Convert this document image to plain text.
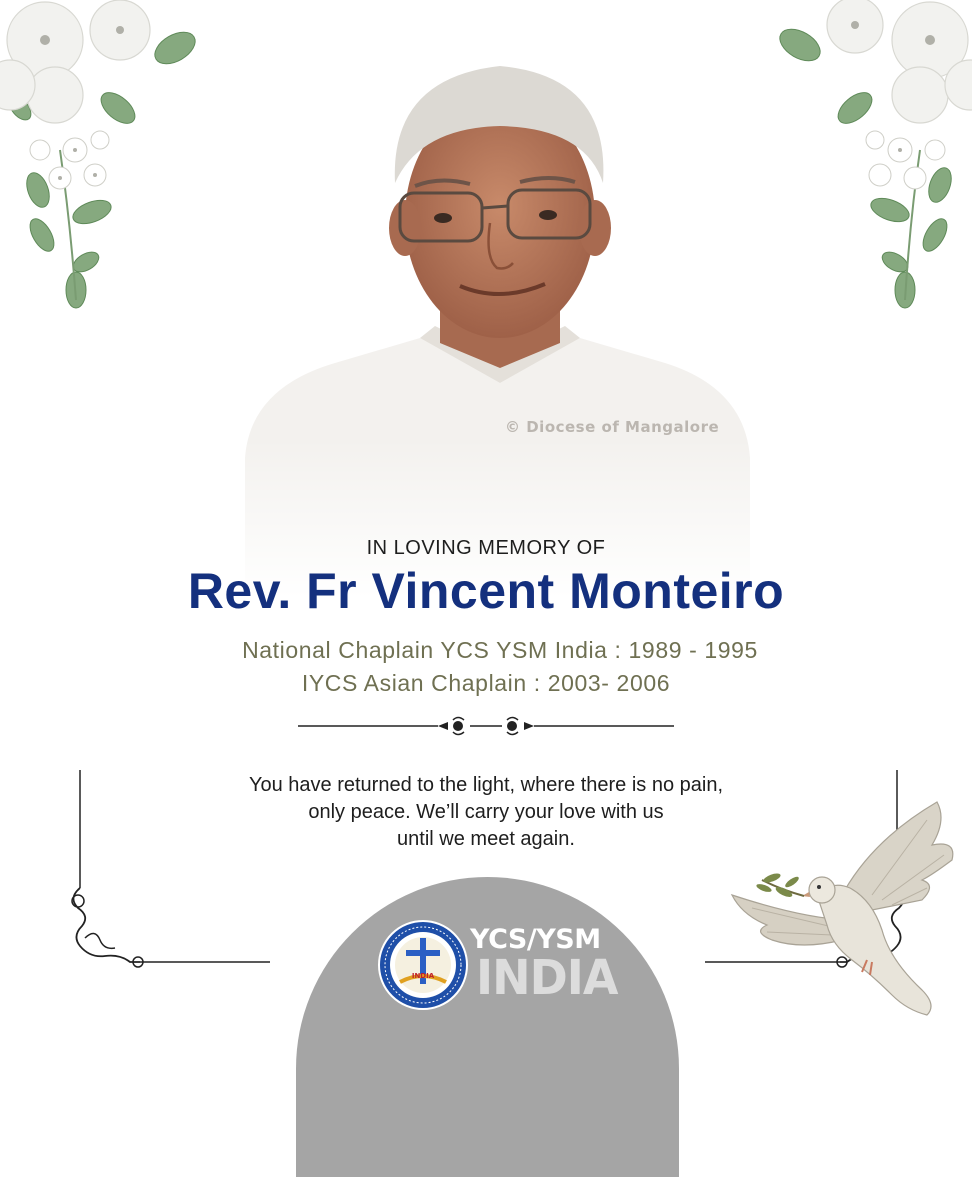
© Diocese of Mangalore
IN LOVING MEMORY OF
Rev. Fr Vincent Monteiro
National Chaplain YCS YSM India : 1989 - 1995
IYCS Asian Chaplain : 2003- 2006
You have returned to the light, where there is no pain,
only peace. We’ll carry your love with us
until we meet again.
INDIA
YCS/YSM
INDIA
